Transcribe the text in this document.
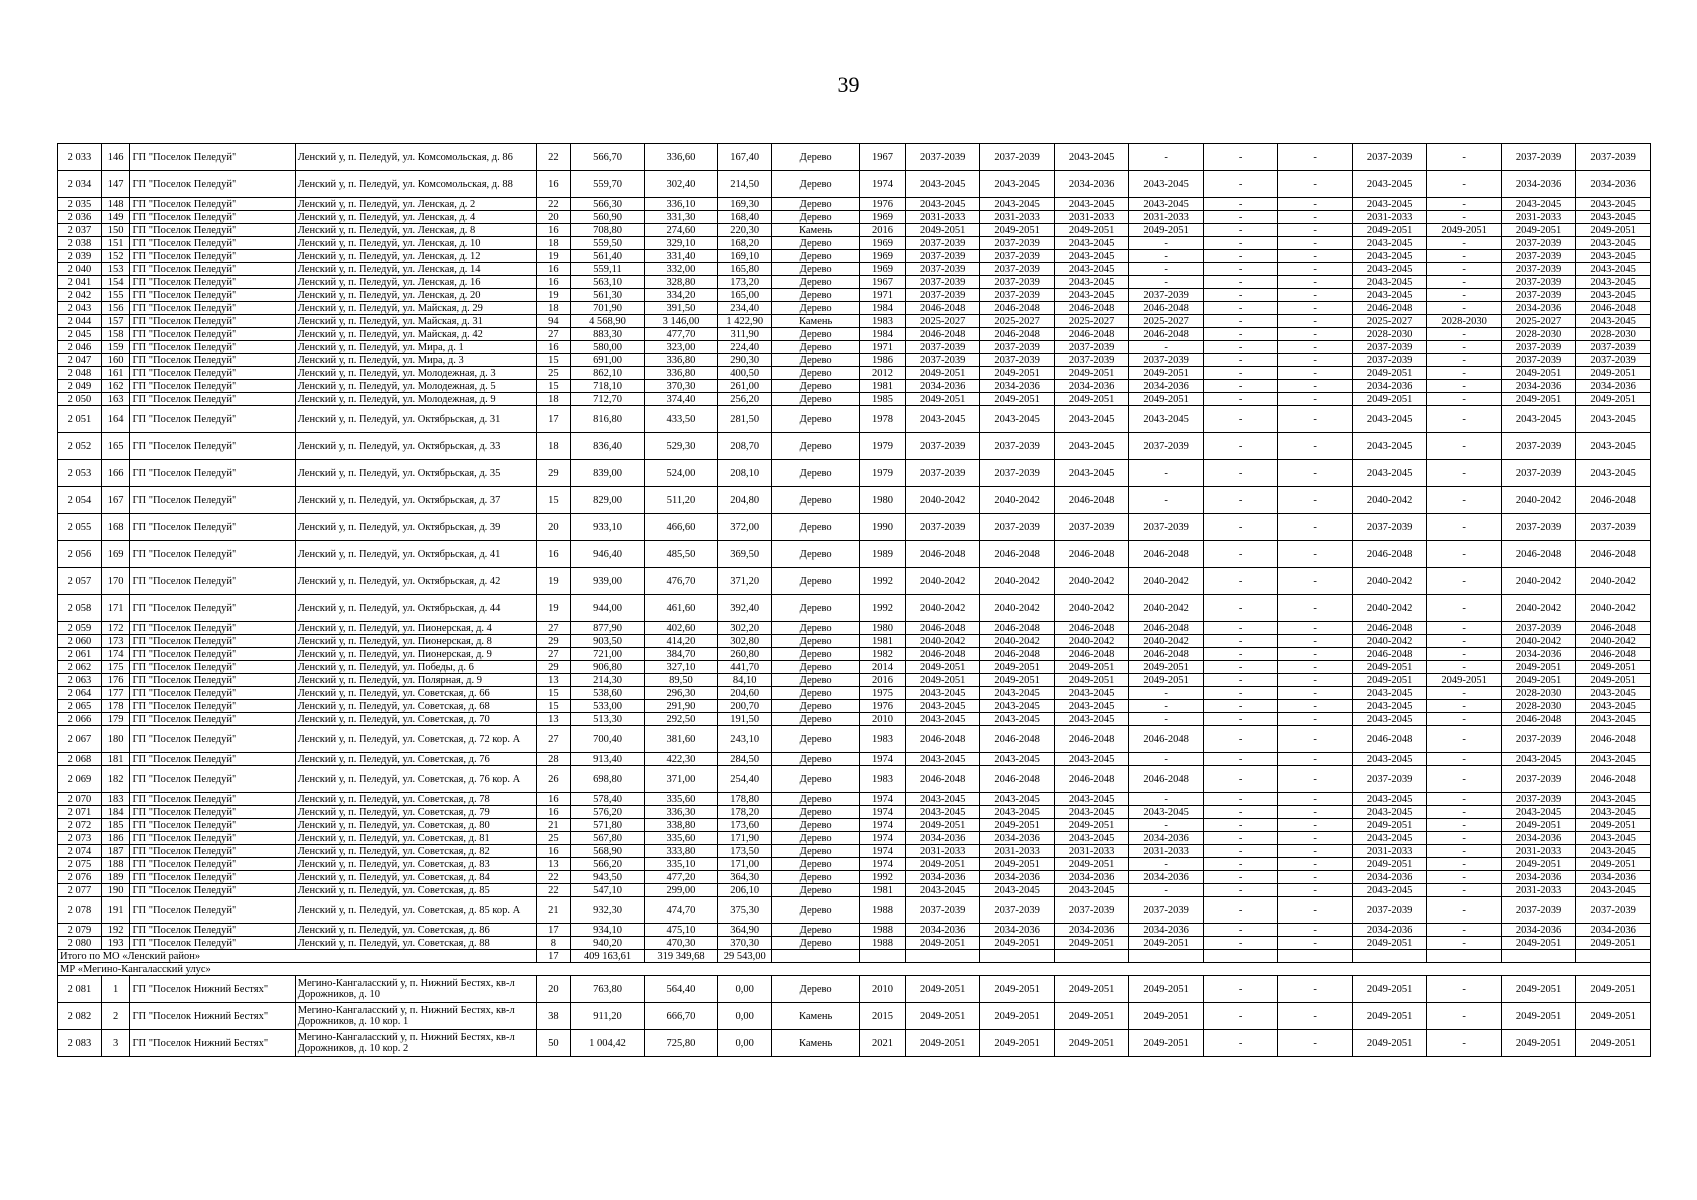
39
2 033	146	ГП "Поселок Пеледуй"	Ленский у, п. Пеледуй, ул. Комсомольская, д. 86	22	566,70	336,60	167,40	Дерево	1967	2037-2039	2037-2039	2043-2045	-	-	-	2037-2039	-	2037-2039	2037-2039
2 034	147	ГП "Поселок Пеледуй"	Ленский у, п. Пеледуй, ул. Комсомольская, д. 88	16	559,70	302,40	214,50	Дерево	1974	2043-2045	2043-2045	2034-2036	2043-2045	-	-	2043-2045	-	2034-2036	2034-2036
2 035	148	ГП "Поселок Пеледуй"	Ленский у, п. Пеледуй, ул. Ленская, д. 2	22	566,30	336,10	169,30	Дерево	1976	2043-2045	2043-2045	2043-2045	2043-2045	-	-	2043-2045	-	2043-2045	2043-2045
2 036	149	ГП "Поселок Пеледуй"	Ленский у, п. Пеледуй, ул. Ленская, д. 4	20	560,90	331,30	168,40	Дерево	1969	2031-2033	2031-2033	2031-2033	2031-2033	-	-	2031-2033	-	2031-2033	2043-2045
2 037	150	ГП "Поселок Пеледуй"	Ленский у, п. Пеледуй, ул. Ленская, д. 8	16	708,80	274,60	220,30	Камень	2016	2049-2051	2049-2051	2049-2051	2049-2051	-	-	2049-2051	2049-2051	2049-2051	2049-2051
2 038	151	ГП "Поселок Пеледуй"	Ленский у, п. Пеледуй, ул. Ленская, д. 10	18	559,50	329,10	168,20	Дерево	1969	2037-2039	2037-2039	2043-2045	-	-	-	2043-2045	-	2037-2039	2043-2045
2 039	152	ГП "Поселок Пеледуй"	Ленский у, п. Пеледуй, ул. Ленская, д. 12	19	561,40	331,40	169,10	Дерево	1969	2037-2039	2037-2039	2043-2045	-	-	-	2043-2045	-	2037-2039	2043-2045
2 040	153	ГП "Поселок Пеледуй"	Ленский у, п. Пеледуй, ул. Ленская, д. 14	16	559,11	332,00	165,80	Дерево	1969	2037-2039	2037-2039	2043-2045	-	-	-	2043-2045	-	2037-2039	2043-2045
2 041	154	ГП "Поселок Пеледуй"	Ленский у, п. Пеледуй, ул. Ленская, д. 16	16	563,10	328,80	173,20	Дерево	1967	2037-2039	2037-2039	2043-2045	-	-	-	2043-2045	-	2037-2039	2043-2045
2 042	155	ГП "Поселок Пеледуй"	Ленский у, п. Пеледуй, ул. Ленская, д. 20	19	561,30	334,20	165,00	Дерево	1971	2037-2039	2037-2039	2043-2045	2037-2039	-	-	2043-2045	-	2037-2039	2043-2045
2 043	156	ГП "Поселок Пеледуй"	Ленский у, п. Пеледуй, ул. Майская, д. 29	18	701,90	391,50	234,40	Дерево	1984	2046-2048	2046-2048	2046-2048	2046-2048	-	-	2046-2048	-	2034-2036	2046-2048
2 044	157	ГП "Поселок Пеледуй"	Ленский у, п. Пеледуй, ул. Майская, д. 31	94	4 568,90	3 146,00	1 422,90	Камень	1983	2025-2027	2025-2027	2025-2027	2025-2027	-	-	2025-2027	2028-2030	2025-2027	2043-2045
2 045	158	ГП "Поселок Пеледуй"	Ленский у, п. Пеледуй, ул. Майская, д. 42	27	883,30	477,70	311,90	Дерево	1984	2046-2048	2046-2048	2046-2048	2046-2048	-	-	2028-2030	-	2028-2030	2028-2030
2 046	159	ГП "Поселок Пеледуй"	Ленский у, п. Пеледуй, ул. Мира, д. 1	16	580,00	323,00	224,40	Дерево	1971	2037-2039	2037-2039	2037-2039	-	-	-	2037-2039	-	2037-2039	2037-2039
2 047	160	ГП "Поселок Пеледуй"	Ленский у, п. Пеледуй, ул. Мира, д. 3	15	691,00	336,80	290,30	Дерево	1986	2037-2039	2037-2039	2037-2039	2037-2039	-	-	2037-2039	-	2037-2039	2037-2039
2 048	161	ГП "Поселок Пеледуй"	Ленский у, п. Пеледуй, ул. Молодежная, д. 3	25	862,10	336,80	400,50	Дерево	2012	2049-2051	2049-2051	2049-2051	2049-2051	-	-	2049-2051	-	2049-2051	2049-2051
2 049	162	ГП "Поселок Пеледуй"	Ленский у, п. Пеледуй, ул. Молодежная, д. 5	15	718,10	370,30	261,00	Дерево	1981	2034-2036	2034-2036	2034-2036	2034-2036	-	-	2034-2036	-	2034-2036	2034-2036
2 050	163	ГП "Поселок Пеледуй"	Ленский у, п. Пеледуй, ул. Молодежная, д. 9	18	712,70	374,40	256,20	Дерево	1985	2049-2051	2049-2051	2049-2051	2049-2051	-	-	2049-2051	-	2049-2051	2049-2051
2 051	164	ГП "Поселок Пеледуй"	Ленский у, п. Пеледуй, ул. Октябрьская, д. 31	17	816,80	433,50	281,50	Дерево	1978	2043-2045	2043-2045	2043-2045	2043-2045	-	-	2043-2045	-	2043-2045	2043-2045
2 052	165	ГП "Поселок Пеледуй"	Ленский у, п. Пеледуй, ул. Октябрьская, д. 33	18	836,40	529,30	208,70	Дерево	1979	2037-2039	2037-2039	2043-2045	2037-2039	-	-	2043-2045	-	2037-2039	2043-2045
2 053	166	ГП "Поселок Пеледуй"	Ленский у, п. Пеледуй, ул. Октябрьская, д. 35	29	839,00	524,00	208,10	Дерево	1979	2037-2039	2037-2039	2043-2045	-	-	-	2043-2045	-	2037-2039	2043-2045
2 054	167	ГП "Поселок Пеледуй"	Ленский у, п. Пеледуй, ул. Октябрьская, д. 37	15	829,00	511,20	204,80	Дерево	1980	2040-2042	2040-2042	2046-2048	-	-	-	2040-2042	-	2040-2042	2046-2048
2 055	168	ГП "Поселок Пеледуй"	Ленский у, п. Пеледуй, ул. Октябрьская, д. 39	20	933,10	466,60	372,00	Дерево	1990	2037-2039	2037-2039	2037-2039	2037-2039	-	-	2037-2039	-	2037-2039	2037-2039
2 056	169	ГП "Поселок Пеледуй"	Ленский у, п. Пеледуй, ул. Октябрьская, д. 41	16	946,40	485,50	369,50	Дерево	1989	2046-2048	2046-2048	2046-2048	2046-2048	-	-	2046-2048	-	2046-2048	2046-2048
2 057	170	ГП "Поселок Пеледуй"	Ленский у, п. Пеледуй, ул. Октябрьская, д. 42	19	939,00	476,70	371,20	Дерево	1992	2040-2042	2040-2042	2040-2042	2040-2042	-	-	2040-2042	-	2040-2042	2040-2042
2 058	171	ГП "Поселок Пеледуй"	Ленский у, п. Пеледуй, ул. Октябрьская, д. 44	19	944,00	461,60	392,40	Дерево	1992	2040-2042	2040-2042	2040-2042	2040-2042	-	-	2040-2042	-	2040-2042	2040-2042
2 059	172	ГП "Поселок Пеледуй"	Ленский у, п. Пеледуй, ул. Пионерская, д. 4	27	877,90	402,60	302,20	Дерево	1980	2046-2048	2046-2048	2046-2048	2046-2048	-	-	2046-2048	-	2037-2039	2046-2048
2 060	173	ГП "Поселок Пеледуй"	Ленский у, п. Пеледуй, ул. Пионерская, д. 8	29	903,50	414,20	302,80	Дерево	1981	2040-2042	2040-2042	2040-2042	2040-2042	-	-	2040-2042	-	2040-2042	2040-2042
2 061	174	ГП "Поселок Пеледуй"	Ленский у, п. Пеледуй, ул. Пионерская, д. 9	27	721,00	384,70	260,80	Дерево	1982	2046-2048	2046-2048	2046-2048	2046-2048	-	-	2046-2048	-	2034-2036	2046-2048
2 062	175	ГП "Поселок Пеледуй"	Ленский у, п. Пеледуй, ул. Победы, д. 6	29	906,80	327,10	441,70	Дерево	2014	2049-2051	2049-2051	2049-2051	2049-2051	-	-	2049-2051	-	2049-2051	2049-2051
2 063	176	ГП "Поселок Пеледуй"	Ленский у, п. Пеледуй, ул. Полярная, д. 9	13	214,30	89,50	84,10	Дерево	2016	2049-2051	2049-2051	2049-2051	2049-2051	-	-	2049-2051	2049-2051	2049-2051	2049-2051
2 064	177	ГП "Поселок Пеледуй"	Ленский у, п. Пеледуй, ул. Советская, д. 66	15	538,60	296,30	204,60	Дерево	1975	2043-2045	2043-2045	2043-2045	-	-	-	2043-2045	-	2028-2030	2043-2045
2 065	178	ГП "Поселок Пеледуй"	Ленский у, п. Пеледуй, ул. Советская, д. 68	15	533,00	291,90	200,70	Дерево	1976	2043-2045	2043-2045	2043-2045	-	-	-	2043-2045	-	2028-2030	2043-2045
2 066	179	ГП "Поселок Пеледуй"	Ленский у, п. Пеледуй, ул. Советская, д. 70	13	513,30	292,50	191,50	Дерево	2010	2043-2045	2043-2045	2043-2045	-	-	-	2043-2045	-	2046-2048	2043-2045
2 067	180	ГП "Поселок Пеледуй"	Ленский у, п. Пеледуй, ул. Советская, д. 72 кор. А	27	700,40	381,60	243,10	Дерево	1983	2046-2048	2046-2048	2046-2048	2046-2048	-	-	2046-2048	-	2037-2039	2046-2048
2 068	181	ГП "Поселок Пеледуй"	Ленский у, п. Пеледуй, ул. Советская, д. 76	28	913,40	422,30	284,50	Дерево	1974	2043-2045	2043-2045	2043-2045	-	-	-	2043-2045	-	2043-2045	2043-2045
2 069	182	ГП "Поселок Пеледуй"	Ленский у, п. Пеледуй, ул. Советская, д. 76 кор. А	26	698,80	371,00	254,40	Дерево	1983	2046-2048	2046-2048	2046-2048	2046-2048	-	-	2037-2039	-	2037-2039	2046-2048
2 070	183	ГП "Поселок Пеледуй"	Ленский у, п. Пеледуй, ул. Советская, д. 78	16	578,40	335,60	178,80	Дерево	1974	2043-2045	2043-2045	2043-2045	-	-	-	2043-2045	-	2037-2039	2043-2045
2 071	184	ГП "Поселок Пеледуй"	Ленский у, п. Пеледуй, ул. Советская, д. 79	16	576,20	336,30	178,20	Дерево	1974	2043-2045	2043-2045	2043-2045	2043-2045	-	-	2043-2045	-	2043-2045	2043-2045
2 072	185	ГП "Поселок Пеледуй"	Ленский у, п. Пеледуй, ул. Советская, д. 80	21	571,80	338,80	173,60	Дерево	1974	2049-2051	2049-2051	2049-2051	-	-	-	2049-2051	-	2049-2051	2049-2051
2 073	186	ГП "Поселок Пеледуй"	Ленский у, п. Пеледуй, ул. Советская, д. 81	25	567,80	335,60	171,90	Дерево	1974	2034-2036	2034-2036	2043-2045	2034-2036	-	-	2043-2045	-	2034-2036	2043-2045
2 074	187	ГП "Поселок Пеледуй"	Ленский у, п. Пеледуй, ул. Советская, д. 82	16	568,90	333,80	173,50	Дерево	1974	2031-2033	2031-2033	2031-2033	2031-2033	-	-	2031-2033	-	2031-2033	2043-2045
2 075	188	ГП "Поселок Пеледуй"	Ленский у, п. Пеледуй, ул. Советская, д. 83	13	566,20	335,10	171,00	Дерево	1974	2049-2051	2049-2051	2049-2051	-	-	-	2049-2051	-	2049-2051	2049-2051
2 076	189	ГП "Поселок Пеледуй"	Ленский у, п. Пеледуй, ул. Советская, д. 84	22	943,50	477,20	364,30	Дерево	1992	2034-2036	2034-2036	2034-2036	2034-2036	-	-	2034-2036	-	2034-2036	2034-2036
2 077	190	ГП "Поселок Пеледуй"	Ленский у, п. Пеледуй, ул. Советская, д. 85	22	547,10	299,00	206,10	Дерево	1981	2043-2045	2043-2045	2043-2045	-	-	-	2043-2045	-	2031-2033	2043-2045
2 078	191	ГП "Поселок Пеледуй"	Ленский у, п. Пеледуй, ул. Советская, д. 85 кор. А	21	932,30	474,70	375,30	Дерево	1988	2037-2039	2037-2039	2037-2039	2037-2039	-	-	2037-2039	-	2037-2039	2037-2039
2 079	192	ГП "Поселок Пеледуй"	Ленский у, п. Пеледуй, ул. Советская, д. 86	17	934,10	475,10	364,90	Дерево	1988	2034-2036	2034-2036	2034-2036	2034-2036	-	-	2034-2036	-	2034-2036	2034-2036
2 080	193	ГП "Поселок Пеледуй"	Ленский у, п. Пеледуй, ул. Советская, д. 88	8	940,20	470,30	370,30	Дерево	1988	2049-2051	2049-2051	2049-2051	2049-2051	-	-	2049-2051	-	2049-2051	2049-2051
Итого по МО «Ленский район»				17	409 163,61	319 349,68	29 543,00												
МР «Мегино-Кангаласский улус»																			
2 081	1	ГП "Поселок Нижний Бестях"	Мегино-Кангаласский у, п. Нижний Бестях, кв-л Дорожников, д. 10	20	763,80	564,40	0,00	Дерево	2010	2049-2051	2049-2051	2049-2051	2049-2051	-	-	2049-2051	-	2049-2051	2049-2051
2 082	2	ГП "Поселок Нижний Бестях"	Мегино-Кангаласский у, п. Нижний Бестях, кв-л Дорожников, д. 10 кор. 1	38	911,20	666,70	0,00	Камень	2015	2049-2051	2049-2051	2049-2051	2049-2051	-	-	2049-2051	-	2049-2051	2049-2051
2 083	3	ГП "Поселок Нижний Бестях"	Мегино-Кангаласский у, п. Нижний Бестях, кв-л Дорожников, д. 10 кор. 2	50	1 004,42	725,80	0,00	Камень	2021	2049-2051	2049-2051	2049-2051	2049-2051	-	-	2049-2051	-	2049-2051	2049-2051
